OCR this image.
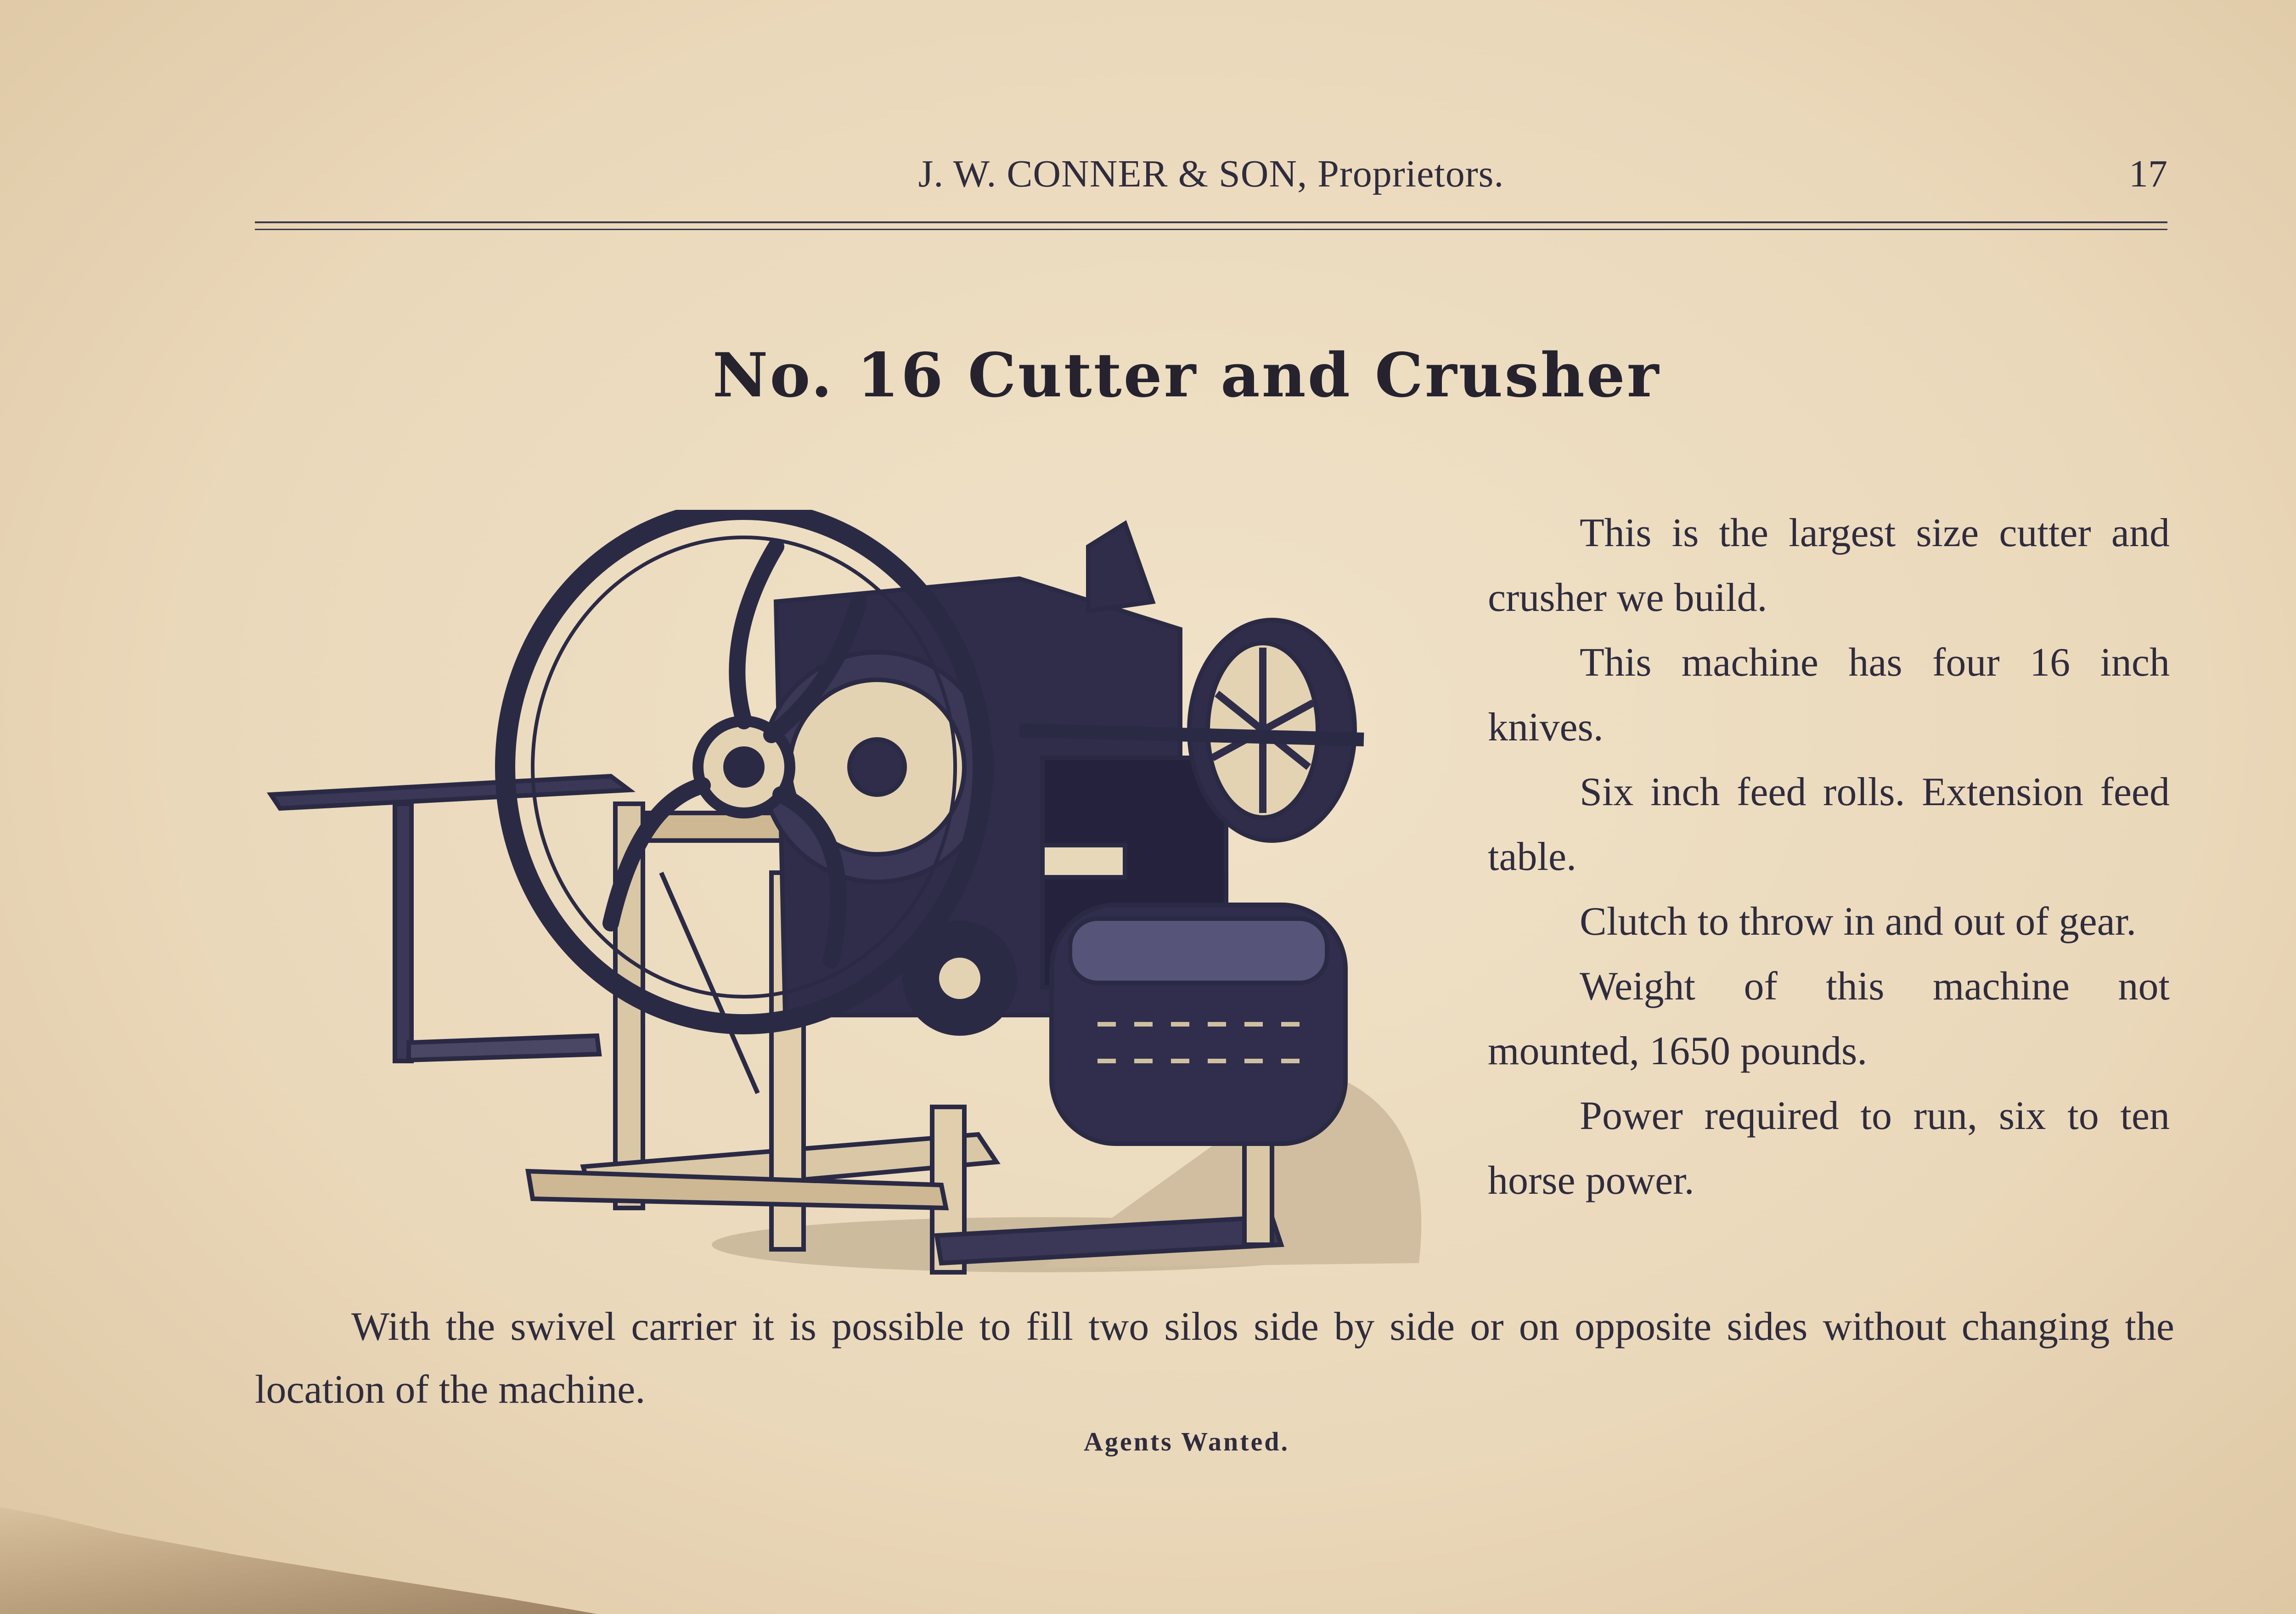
J. W. CONNER & SON, Proprietors.	17
No. 16 Cutter and Crusher

This is the largest size cutter and crusher we build.

This machine has four 16 inch knives.

Six inch feed rolls. Extension feed table.

Clutch to throw in and out of gear.

Weight of this machine not mounted, 1650 pounds.

Power required to run, six to ten horse power.

With the swivel carrier it is possible to fill two silos side by side or on opposite sides without changing the location of the machine.
Agents Wanted.
